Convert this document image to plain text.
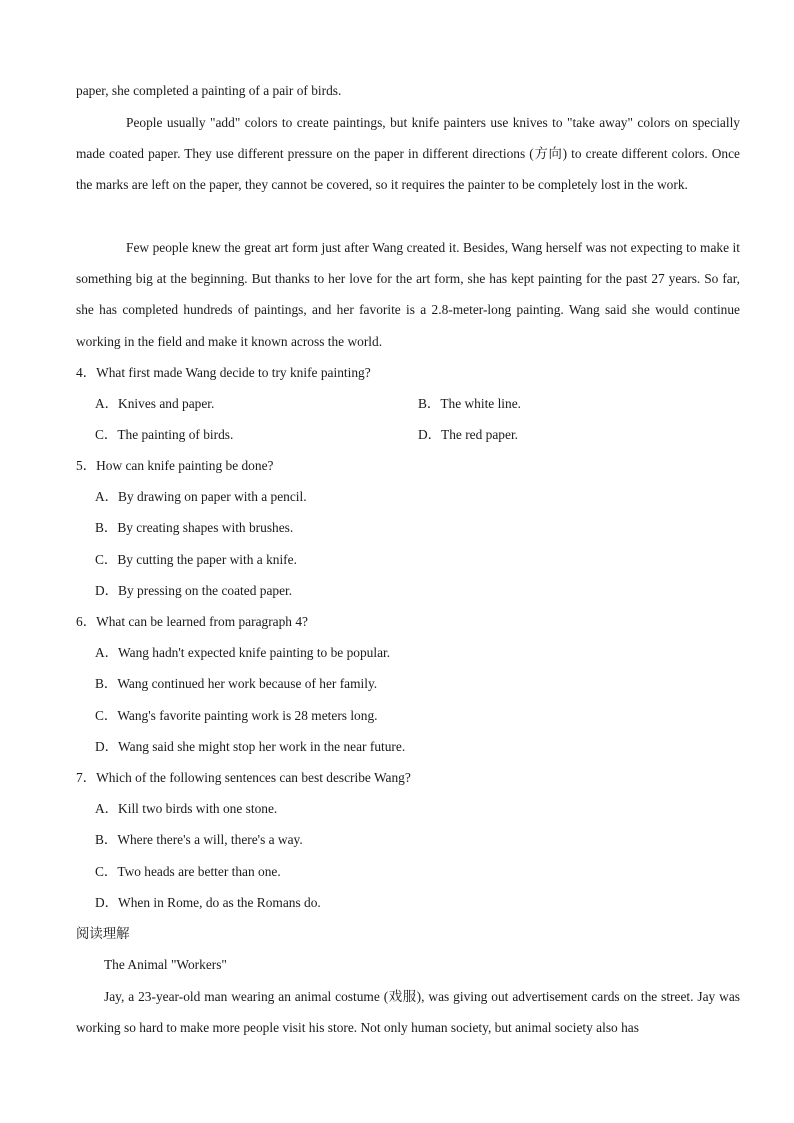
paper, she completed a painting of a pair of birds.

People usually "add" colors to create paintings, but knife painters use knives to "take away" colors on specially made coated paper. They use different pressure on the paper in different directions (方向) to create different colors. Once the marks are left on the paper, they cannot be covered, so it requires the painter to be completely lost in the work.

Few people knew the great art form just after Wang created it. Besides, Wang herself was not expecting to make it something big at the beginning. But thanks to her love for the art form, she has kept painting for the past 27 years. So far, she has completed hundreds of paintings, and her favorite is a 2.8-meter-long painting. Wang said she would continue working in the field and make it known across the world.

4．What first made Wang decide to try knife painting?
A．Knives and paper.	B．The white line.
C．The painting of birds.	D．The red paper.
5．How can knife painting be done?
A．By drawing on paper with a pencil.
B．By creating shapes with brushes.
C．By cutting the paper with a knife.
D．By pressing on the coated paper.
6．What can be learned from paragraph 4?
A．Wang hadn't expected knife painting to be popular.
B．Wang continued her work because of her family.
C．Wang's favorite painting work is 28 meters long.
D．Wang said she might stop her work in the near future.
7．Which of the following sentences can best describe Wang?
A．Kill two birds with one stone.
B．Where there's a will, there's a way.
C．Two heads are better than one.
D．When in Rome, do as the Romans do.
阅读理解
The Animal "Workers"

Jay, a 23-year-old man wearing an animal costume (戏服), was giving out advertisement cards on the street. Jay was working so hard to make more people visit his store. Not only human society, but animal society also has
